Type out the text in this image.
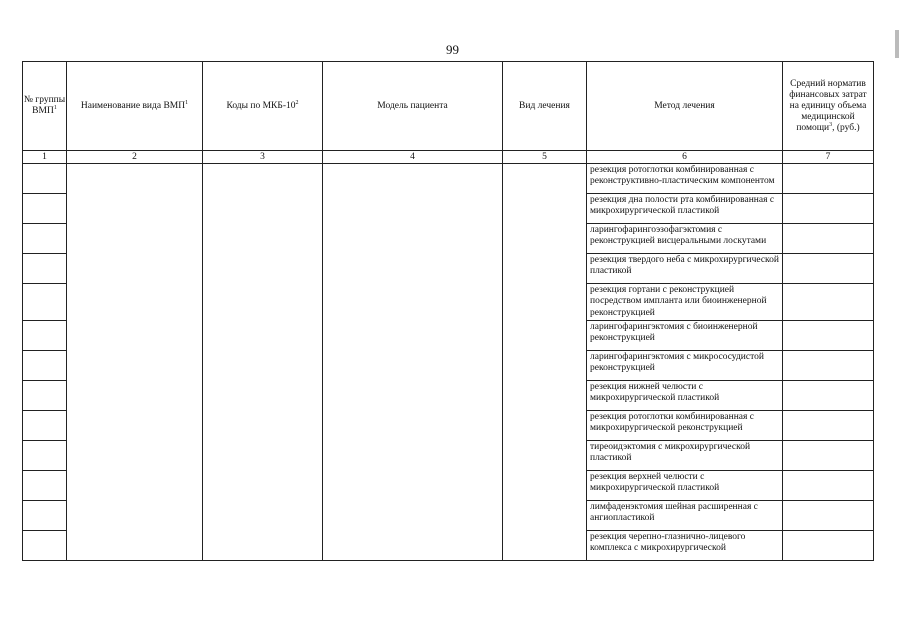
99
№ группы ВМП$^1$	Наименование вида ВМП$^1$	Коды по МКБ-$10^2$	Модель пациента	Вид лечения	Метод лечения	Средний норматив финансовых затрат на единицу объема медицинской помощи$^3$, (руб.)
1	2	3	4	5	6	7
					резекция ротоглотки комбинированная с реконструктивно-пластическим компонентом	
					резекция дна полости рта комбинированная с микрохирургической пластикой	
					ларингофарингоэзофагэктомия с реконструкцией висцеральными лоскутами	
					резекция твердого неба с микрохирургической пластикой	
					резекция гортани с реконструкцией посредством импланта или биоинженерной реконструкцией	
					ларингофарингэктомия с биоинженерной реконструкцией	
					ларингофарингэктомия с микрососудистой реконструкцией	
					резекция нижней челюсти с микрохирургической пластикой	
					резекция ротоглотки комбинированная с микрохирургической реконструкцией	
					тиреоидэктомия с микрохирургической пластикой	
					резекция верхней челюсти с микрохирургической пластикой	
					лимфаденэктомия шейная расширенная с ангиопластикой	
					резекция черепно-глазнично-лицевого комплекса с микрохирургической	
